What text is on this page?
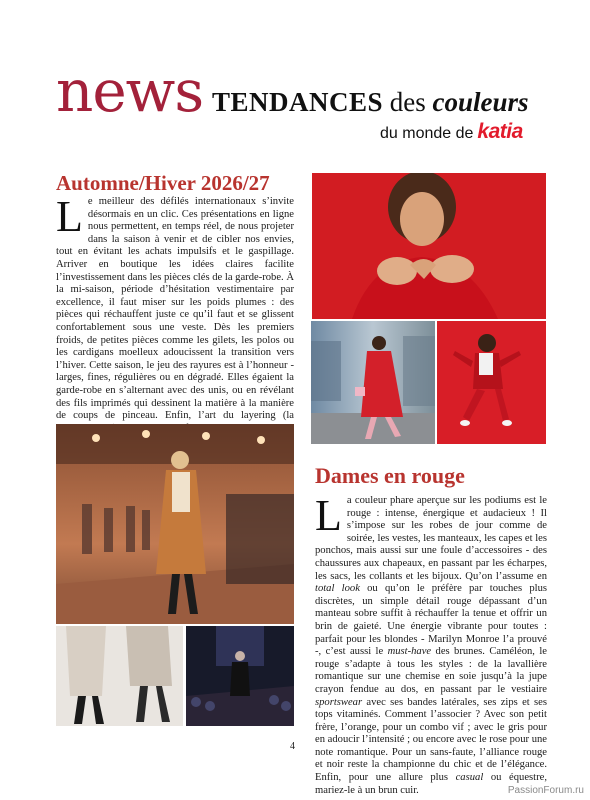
news TENDANCES des couleurs
du monde de katia
Automne/Hiver 2026/27
Le meilleur des défilés internationaux s’invite désormais en un clic. Ces présentations en ligne nous permettent, en temps réel, de nous projeter dans la saison à venir et de cibler nos envies, tout en évitant les achats impulsifs et le gaspillage. Arriver en boutique les idées claires facilite l’investissement dans les pièces clés de la garde-robe. À la mi-saison, période d’hésitation vestimentaire par excellence, il faut miser sur les poids plumes : des pièces qui réchauffent juste ce qu’il faut et se glissent confortablement sous une veste. Dès les premiers froids, de petites pièces comme les gilets, les polos ou les cardigans moelleux adoucissent la transition vers l’hiver. Cette saison, le jeu des rayures est à l’honneur - larges, fines, régulières ou en dégradé. Elles égaient la garde-robe en s’alternant avec des unis, ou en révélant des fils imprimés qui dessinent la matière à la manière de coups de pinceau. Enfin, l’art du layering (la
Dames en rouge
La couleur phare aperçue sur les podiums est le rouge : intense, énergique et audacieux ! Il s’impose sur les robes de jour comme de soirée, les vestes, les manteaux, les capes et les ponchos, mais aussi sur une foule d’accessoires - des chaussures aux chapeaux, en passant par les écharpes, les sacs, les collants et les bijoux. Qu’on l’assume en total look ou qu’on le préfère par touches plus discrètes, un simple détail rouge dépassant d’un manteau sobre suffit à réchauffer la tenue et offrir un brin de gaieté. Une énergie vibrante pour toutes : parfait pour les blondes - Marilyn Monroe l’a prouvé -, c’est aussi le must-have des brunes. Caméléon, le rouge s’adapte à tous les styles : de la lavallière romantique sur une chemise en soie jusqu’à la jupe crayon fendue au dos, en passant par le vestiaire sportswear avec ses bandes latérales, ses zips et ses tops vitaminés. Comment l’associer ? Avec son petit frère, l’orange, pour un combo vif ; avec le gris pour en adoucir l’intensité ; ou encore avec le rose pour une note romantique. Pour un sans-faute, l’alliance rouge et noir reste la championne du chic et de l’élégance. Enfin, pour une allure plus casual ou équestre, mariez-le à un brun cuir.
4
PassionForum.ru
